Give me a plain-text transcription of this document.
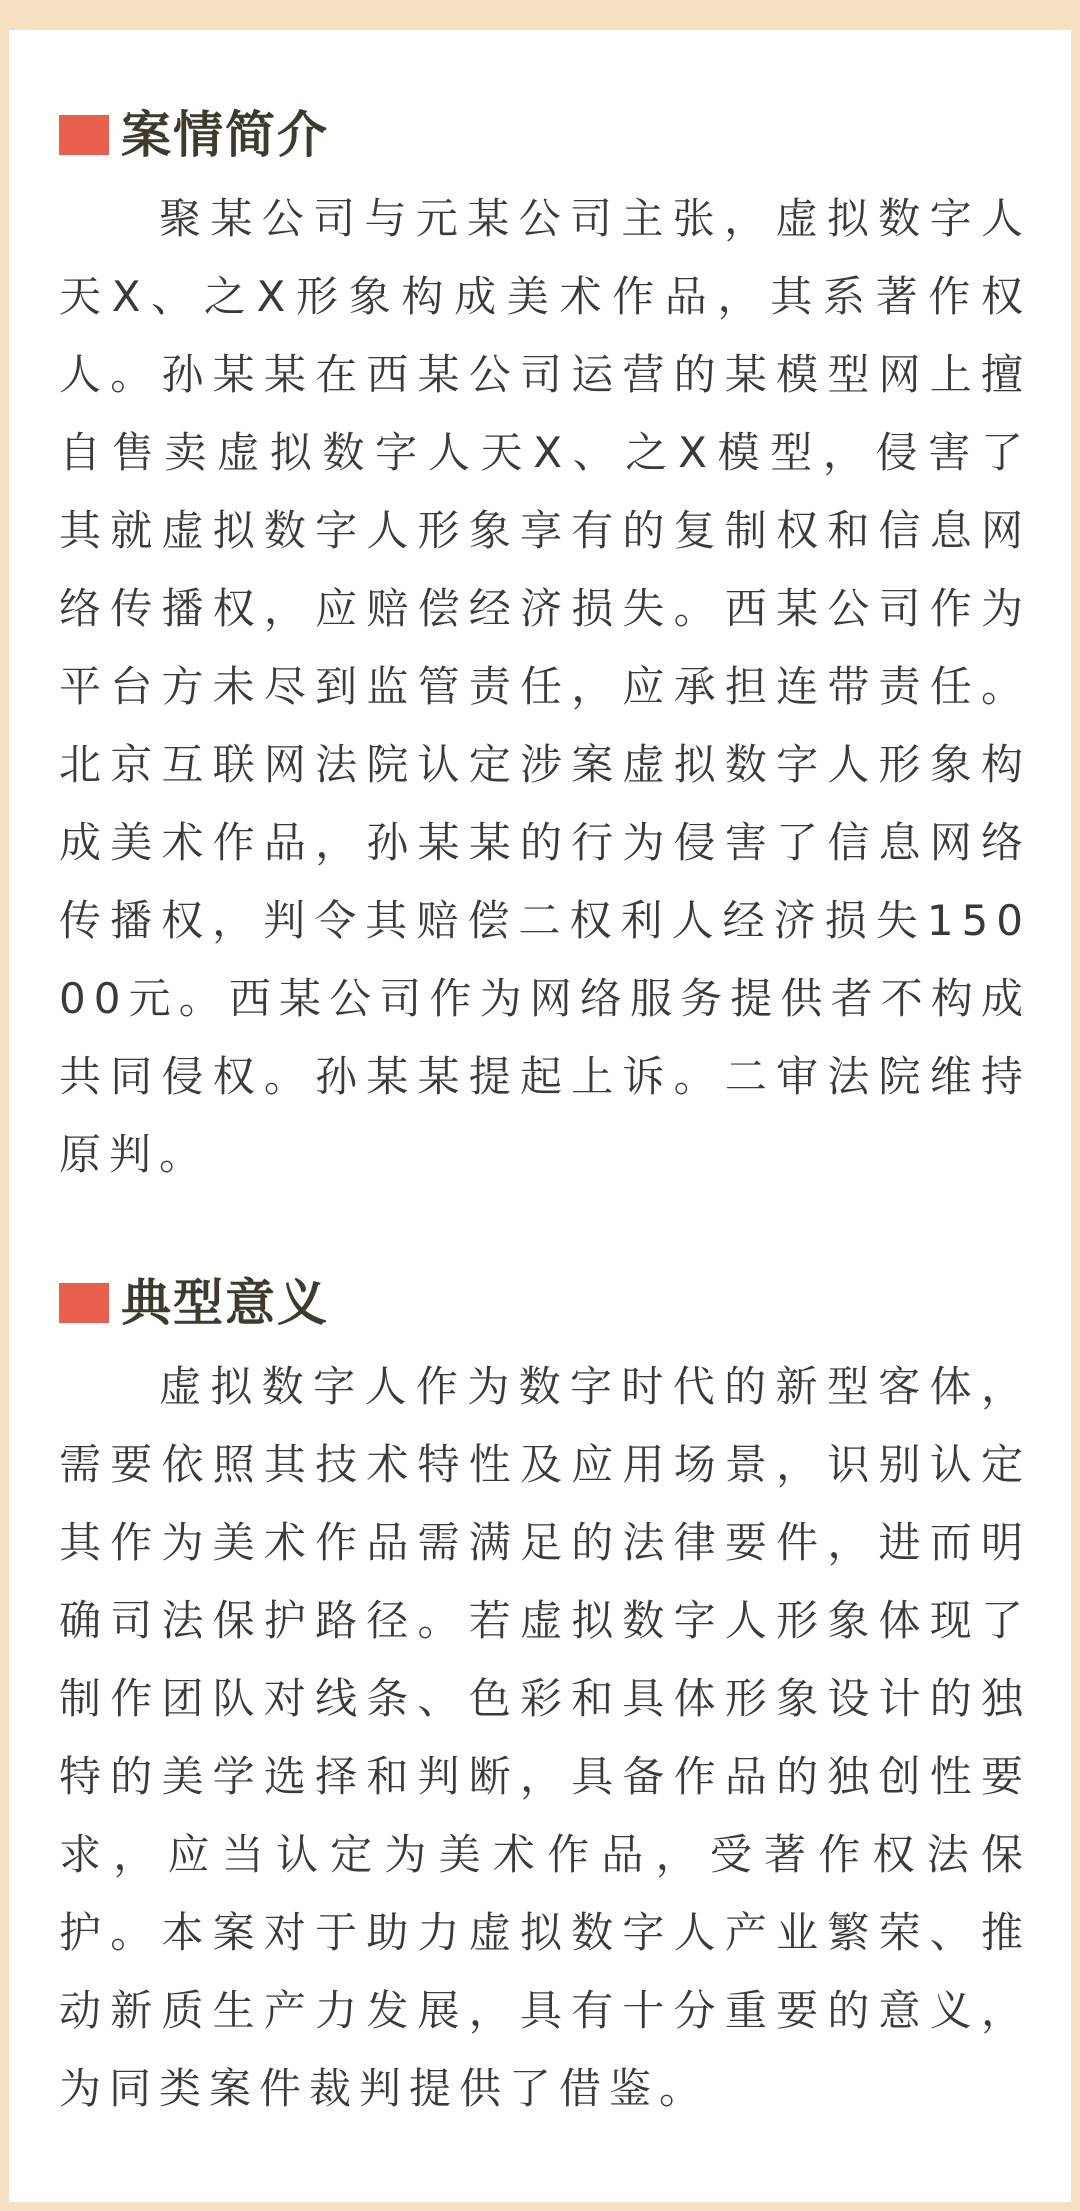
案情简介

聚某公司与元某公司主张，虚拟数字人天X、之X形象构成美术作品，其系著作权人。孙某某在西某公司运营的某模型网上擅自售卖虚拟数字人天X、之X模型，侵害了其就虚拟数字人形象享有的复制权和信息网络传播权，应赔偿经济损失。西某公司作为平台方未尽到监管责任，应承担连带责任。北京互联网法院认定涉案虚拟数字人形象构成美术作品，孙某某的行为侵害了信息网络传播权，判令其赔偿二权利人经济损失15000元。西某公司作为网络服务提供者不构成共同侵权。孙某某提起上诉。二审法院维持原判。

典型意义

虚拟数字人作为数字时代的新型客体，需要依照其技术特性及应用场景，识别认定其作为美术作品需满足的法律要件，进而明确司法保护路径。若虚拟数字人形象体现了制作团队对线条、色彩和具体形象设计的独特的美学选择和判断，具备作品的独创性要求，应当认定为美术作品，受著作权法保护。本案对于助力虚拟数字人产业繁荣、推动新质生产力发展，具有十分重要的意义，为同类案件裁判提供了借鉴。
